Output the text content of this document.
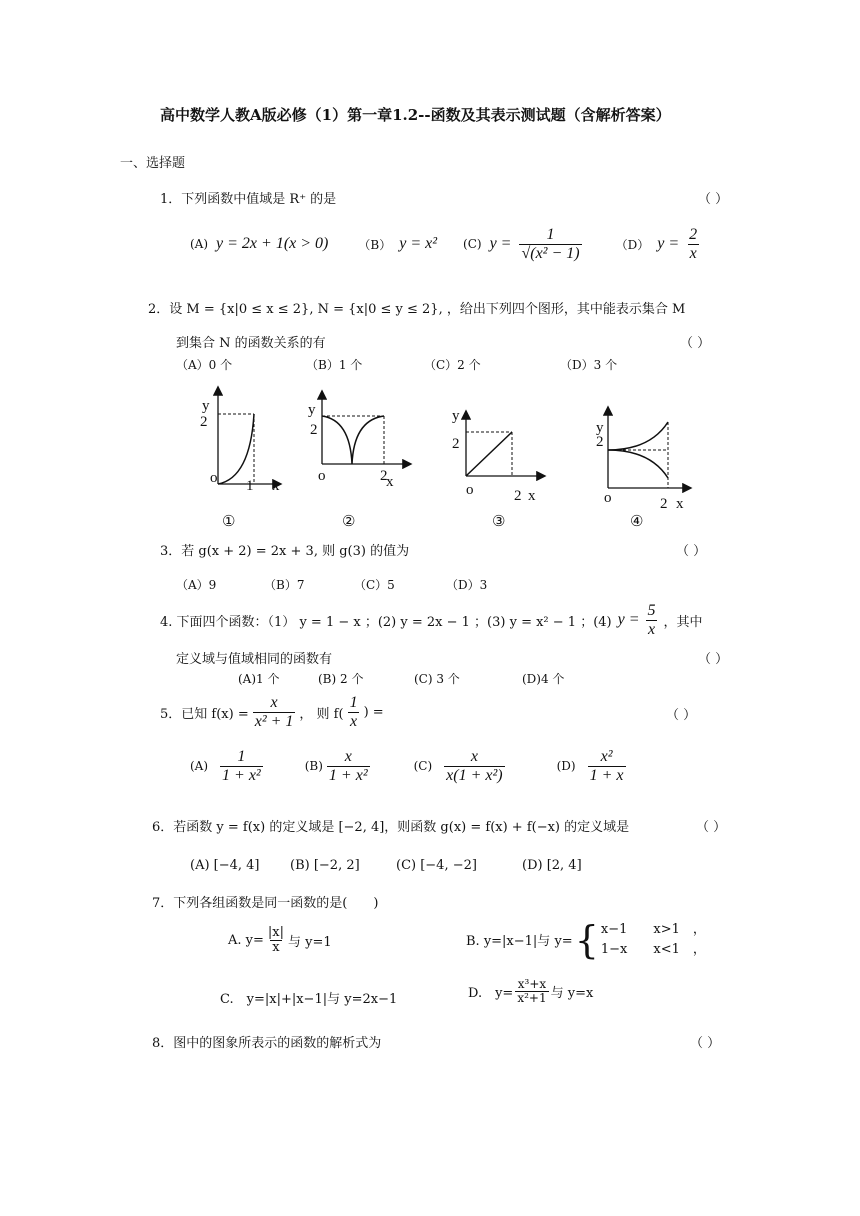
高中数学人教A版必修（1）第一章1.2--函数及其表示测试题（含解析答案）
一、选择题
1．下列函数中值域是 R⁺ 的是	（ ）
(A) y = 2x + 1(x > 0)	（B） y = x² (C) $y = \frac{1}{\text{√(x² − 1)}}$	（D） $y = \frac{2}{x}$
2．设 M = {x|0 ≤ x ≤ 2}, N = {x|0 ≤ y ≤ 2}, ，给出下列四个图形，其中能表示集合 M
到集合 N 的函数关系的有	（ ）
（A）0 个	（B）1 个	（C）2 个	（D）3 个
y
2
o 1 x
①
y
2
o	2
x
②
y
2
o	2 x
③
y
2
o	2 x
④
3．若 g(x + 2) = 2x + 3, 则 g(3) 的值为	（ ）
（A）9	（B）7	（C）5	（D）3
4. 下面四个函数：（1） y = 1 − x ；(2) y = 2x − 1 ；(3) y = x² − 1 ；(4) $y = \frac{5}{x}$ ，其中
定义域与值域相同的函数有	（ ）
(A)1 个	(B) 2 个	(C) 3 个	(D)4 个
5．已知 $f(x) = \frac{x}{\text{x² + 1}}$ ， 则 $f( \frac{1}{x}$ ) =	（ ）
$(A) \frac{1}{\text{1 + x²}}$	$(B) \frac{x}{\text{1 + x²}}$	$(C) \frac{x}{\text{x(1 + x²)}}$	$(D) \frac{\text{x²}}{1 + x}$
6．若函数 y = f(x) 的定义域是 [−2, 4]，则函数 g(x) = f(x) + f(−x) 的定义域是	（ ）
(A) [−4, 4] (B) [−2, 2]	(C) [−4, −2]	(D) [2, 4]
7．下列各组函数是同一函数的是(　　)
A. $y= \frac{|x|}{x}$ 与 y=1	B. y=|x−1|与 y= { x−1　　x>1　，
1−x　　x<1　，
C.　y=|x|+|x−1|与 y=2x−1	D.　$y= \frac{\text{x³+x}}{\text{x²+1}}$ 与 y=x
8．图中的图象所表示的函数的解析式为	（ ）
